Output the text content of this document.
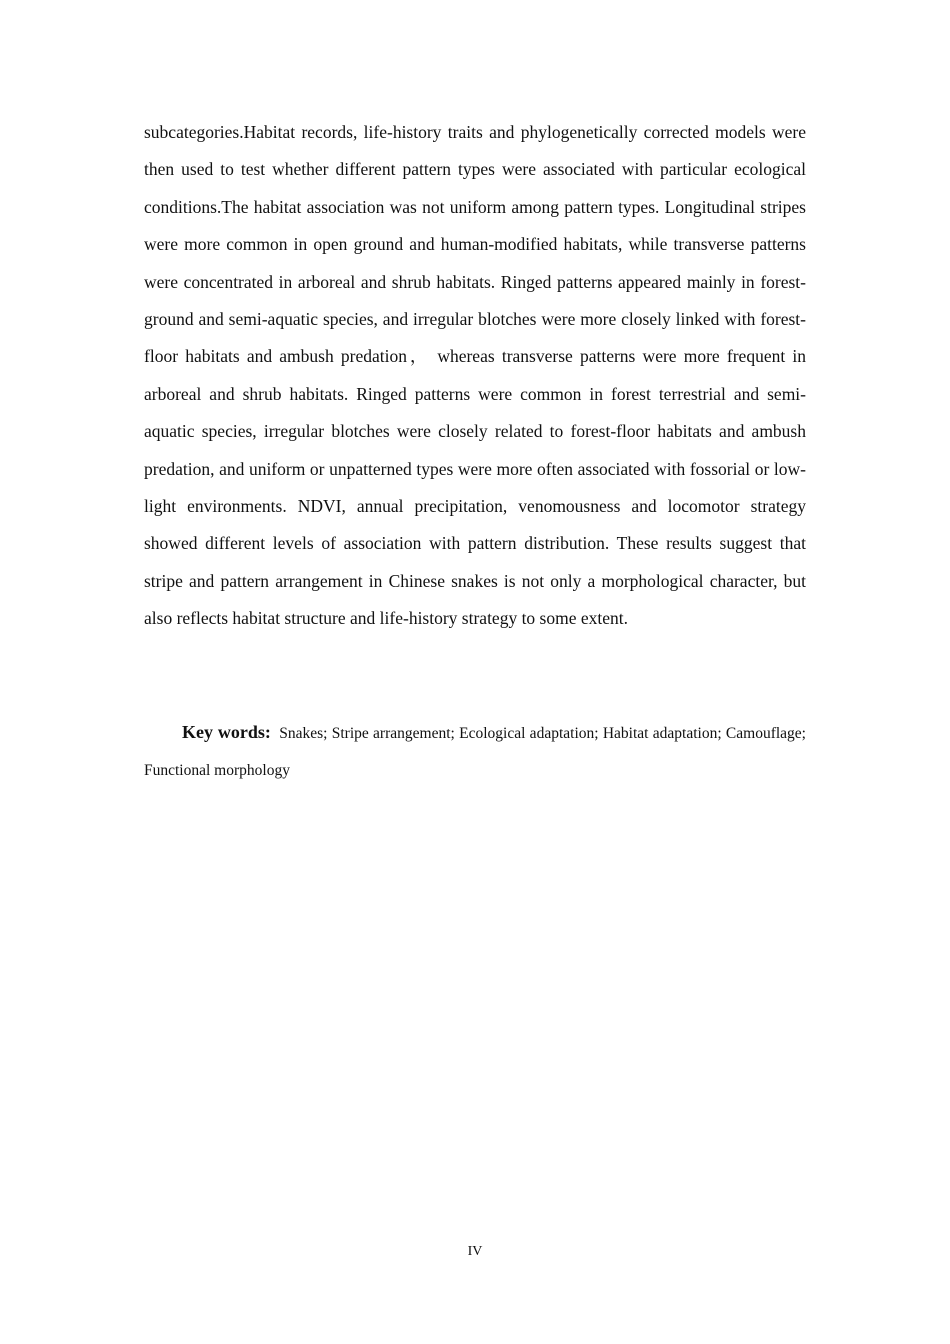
subcategories.Habitat records, life-history traits and phylogenetically corrected models were then used to test whether different pattern types were associated with particular ecological conditions.The habitat association was not uniform among pattern types. Longitudinal stripes were more common in open ground and human-modified habitats, while transverse patterns were concentrated in arboreal and shrub habitats. Ringed patterns appeared mainly in forest-ground and semi-aquatic species, and irregular blotches were more closely linked with forest-floor habitats and ambush predation， whereas transverse patterns were more frequent in arboreal and shrub habitats. Ringed patterns were common in forest terrestrial and semi-aquatic species, irregular blotches were closely related to forest-floor habitats and ambush predation, and uniform or unpatterned types were more often associated with fossorial or low-light environments. NDVI, annual precipitation, venomousness and locomotor strategy showed different levels of association with pattern distribution. These results suggest that stripe and pattern arrangement in Chinese snakes is not only a morphological character, but also reflects habitat structure and life-history strategy to some extent.

Key words: Snakes; Stripe arrangement; Ecological adaptation; Habitat adaptation; Camouflage; Functional morphology

IV
